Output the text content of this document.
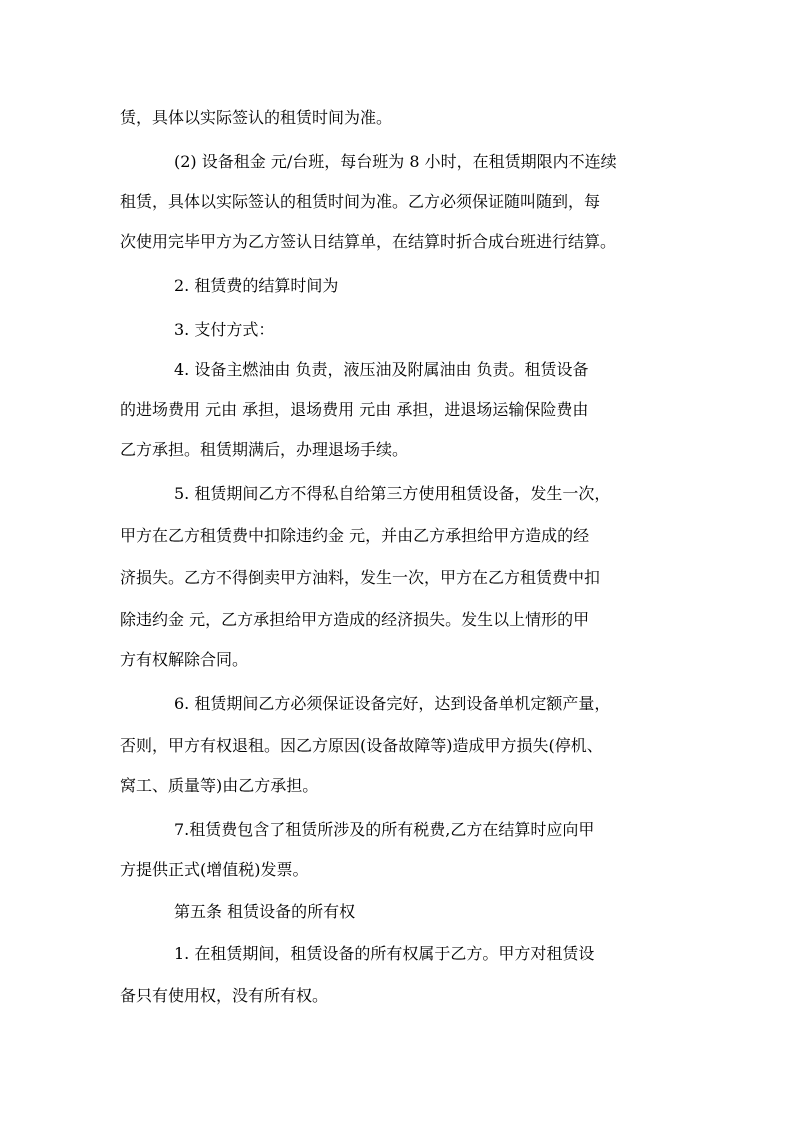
赁，具体以实际签认的租赁时间为准。
(2) 设备租金 元/台班，每台班为 8 小时，在租赁期限内不连续
租赁，具体以实际签认的租赁时间为准。乙方必须保证随叫随到，每
次使用完毕甲方为乙方签认日结算单，在结算时折合成台班进行结算。
2. 租赁费的结算时间为
3. 支付方式：
4. 设备主燃油由 负责，液压油及附属油由 负责。租赁设备
的进场费用 元由 承担，退场费用 元由 承担，进退场运输保险费由
乙方承担。租赁期满后，办理退场手续。
5. 租赁期间乙方不得私自给第三方使用租赁设备，发生一次，
甲方在乙方租赁费中扣除违约金 元，并由乙方承担给甲方造成的经
济损失。乙方不得倒卖甲方油料，发生一次，甲方在乙方租赁费中扣
除违约金 元，乙方承担给甲方造成的经济损失。发生以上情形的甲
方有权解除合同。
6. 租赁期间乙方必须保证设备完好，达到设备单机定额产量，
否则，甲方有权退租。因乙方原因(设备故障等)造成甲方损失(停机、
窝工、质量等)由乙方承担。
7.租赁费包含了租赁所涉及的所有税费,乙方在结算时应向甲
方提供正式(增值税)发票。
第五条 租赁设备的所有权
1. 在租赁期间，租赁设备的所有权属于乙方。甲方对租赁设
备只有使用权，没有所有权。
